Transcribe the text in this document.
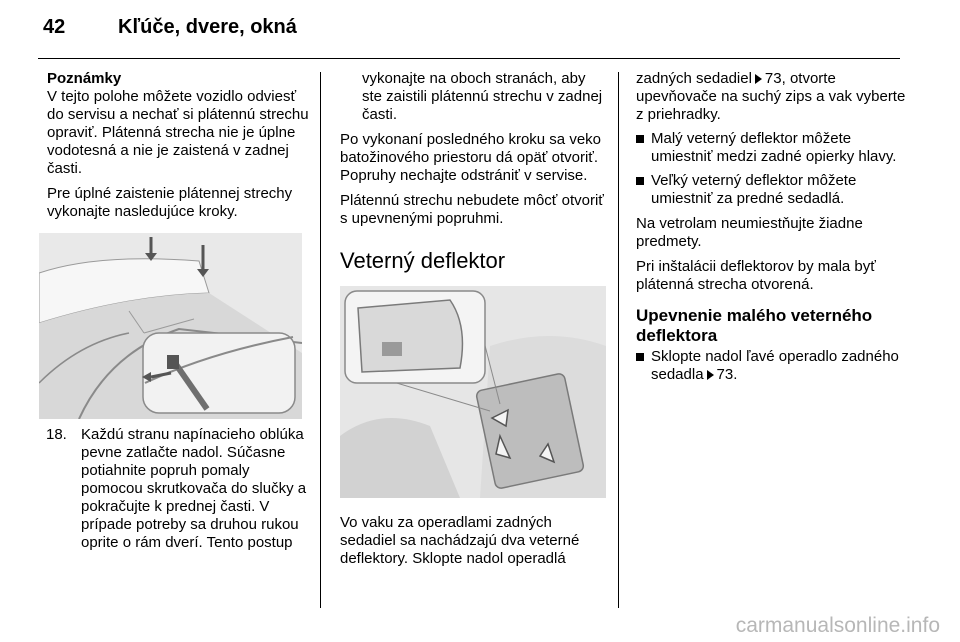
42	Kľúče, dvere, okná

Poznámky

V tejto polohe môžete vozidlo odviesť do servisu a nechať si plátennú strechu opraviť. Plátenná strecha nie je úplne vodotesná a nie je zaistená v zadnej časti.

Pre úplné zaistenie plátennej strechy vykonajte nasledujúce kroky.

18. Každú stranu napínacieho oblúka pevne zatlačte nadol. Súčasne potiahnite popruh pomaly pomocou skrutkovača do slučky a pokračujte k prednej časti. V prípade potreby sa druhou rukou oprite o rám dverí. Tento postup

vykonajte na oboch stranách, aby ste zaistili plátennú strechu v zadnej časti.

Po vykonaní posledného kroku sa veko batožinového priestoru dá opäť otvoriť. Popruhy nechajte odstrániť v servise.

Plátennú strechu nebudete môcť otvoriť s upevnenými popruhmi.

Veterný deflektor

Vo vaku za operadlami zadných sedadiel sa nachádzajú dva veterné deflektory. Sklopte nadol operadlá

zadných sedadiel 73, otvorte upevňovače na suchý zips a vak vyberte z priehradky.

Malý veterný deflektor môžete umiestniť medzi zadné opierky hlavy.

Veľký veterný deflektor môžete umiestniť za predné sedadlá.

Na vetrolam neumiestňujte žiadne predmety.

Pri inštalácii deflektorov by mala byť plátenná strecha otvorená.

Upevnenie malého veterného deflektora

Sklopte nadol ľavé operadlo zadného sedadla 73.

carmanualsonline.info
